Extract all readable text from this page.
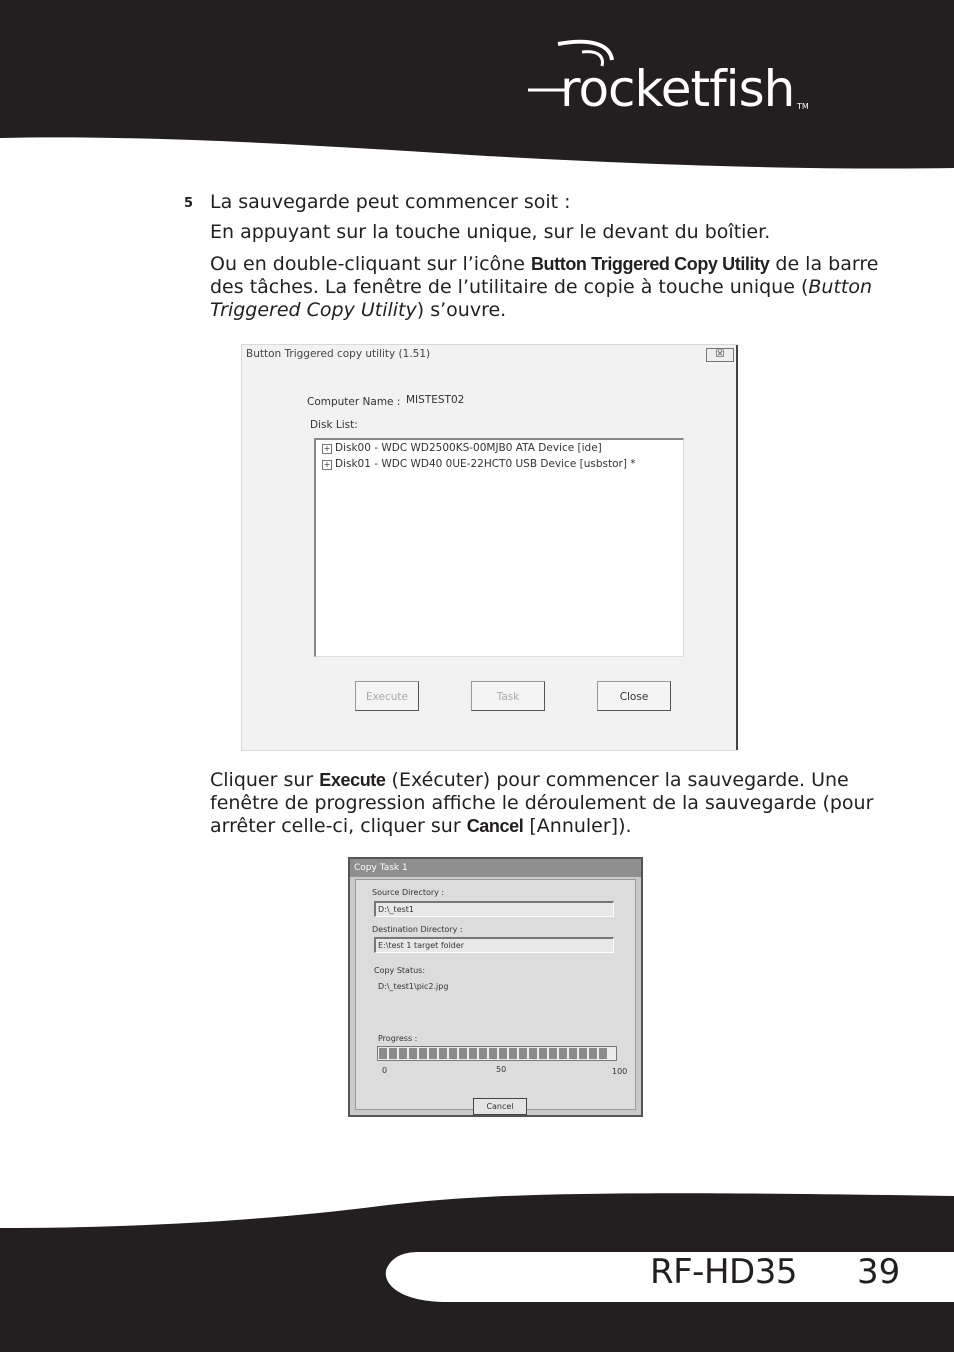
rocketfish TM
5 La sauvegarde peut commencer soit :
En appuyant sur la touche unique, sur le devant du boîtier.
Ou en double-cliquant sur l’icône Button Triggered Copy Utility de la barre des tâches. La fenêtre de l’utilitaire de copie à touche unique (Button Triggered Copy Utility) s’ouvre.
Button Triggered copy utility (1.51)	☒
Computer Name : MISTEST02
Disk List:
+ Disk00 - WDC WD2500KS-00MJB0 ATA Device [ide]
+ Disk01 - WDC WD40 0UE-22HCT0 USB Device [usbstor] *
Execute	Task	Close
Cliquer sur Execute (Exécuter) pour commencer la sauvegarde. Une fenêtre de progression affiche le déroulement de la sauvegarde (pour arrêter celle-ci, cliquer sur Cancel [Annuler]).
Copy Task 1
Source Directory :
D:\_test1
Destination Directory :
E:\test 1 target folder
Copy Status:
D:\_test1\pic2.jpg
Progress :
0	50	100
Cancel
RF-HD35 39
